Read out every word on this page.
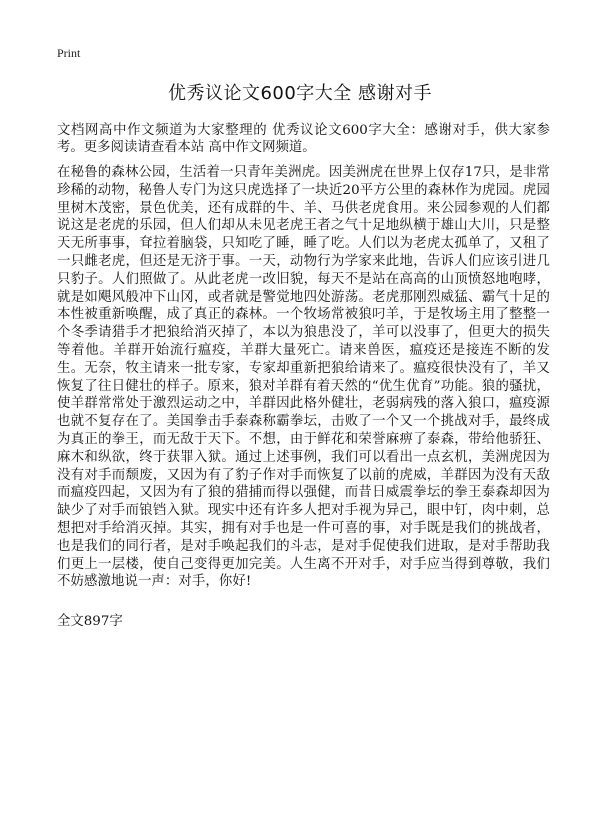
Print
优秀议论文600字大全 感谢对手

文档网高中作文频道为大家整理的 优秀议论文600字大全：感谢对手，供大家参考。更多阅读请查看本站 高中作文网频道。

在秘鲁的森林公园，生活着一只青年美洲虎。因美洲虎在世界上仅存17只，是非常珍稀的动物，秘鲁人专门为这只虎选择了一块近20平方公里的森林作为虎园。虎园里树木茂密，景色优美，还有成群的牛、羊、马供老虎食用。来公园参观的人们都说这是老虎的乐园，但人们却从未见老虎王者之气十足地纵横于雄山大川，只是整天无所事事，耷拉着脑袋，只知吃了睡，睡了吃。人们以为老虎太孤单了，又租了一只雌老虎，但还是无济于事。一天，动物行为学家来此地，告诉人们应该引进几只豹子。人们照做了。从此老虎一改旧貌，每天不是站在高高的山顶愤怒地咆哮，就是如飓风般冲下山冈，或者就是警觉地四处游荡。老虎那刚烈威猛、霸气十足的本性被重新唤醒，成了真正的森林。一个牧场常被狼叼羊，于是牧场主用了整整一个冬季请猎手才把狼给消灭掉了，本以为狼患没了，羊可以没事了，但更大的损失等着他。羊群开始流行瘟疫，羊群大量死亡。请来兽医，瘟疫还是接连不断的发生。无奈，牧主请来一批专家，专家却重新把狼给请来了。瘟疫很快没有了，羊又恢复了往日健壮的样子。原来，狼对羊群有着天然的“优生优育”功能。狼的骚扰，使羊群常常处于激烈运动之中，羊群因此格外健壮，老弱病残的落入狼口，瘟疫源也就不复存在了。美国拳击手泰森称霸拳坛，击败了一个又一个挑战对手，最终成为真正的拳王，而无敌于天下。不想，由于鲜花和荣誉麻痹了泰森，带给他骄狂、麻木和纵欲，终于获罪入狱。通过上述事例，我们可以看出一点玄机，美洲虎因为没有对手而颓废，又因为有了豹子作对手而恢复了以前的虎威，羊群因为没有天敌而瘟疫四起，又因为有了狼的猎捕而得以强健，而昔日威震拳坛的拳王泰森却因为缺少了对手而锒铛入狱。现实中还有许多人把对手视为异己，眼中钉，肉中刺，总想把对手给消灭掉。其实，拥有对手也是一件可喜的事，对手既是我们的挑战者，也是我们的同行者，是对手唤起我们的斗志，是对手促使我们进取，是对手帮助我们更上一层楼，使自己变得更加完美。人生离不开对手，对手应当得到尊敬，我们不妨感激地说一声：对手，你好!

全文897字
